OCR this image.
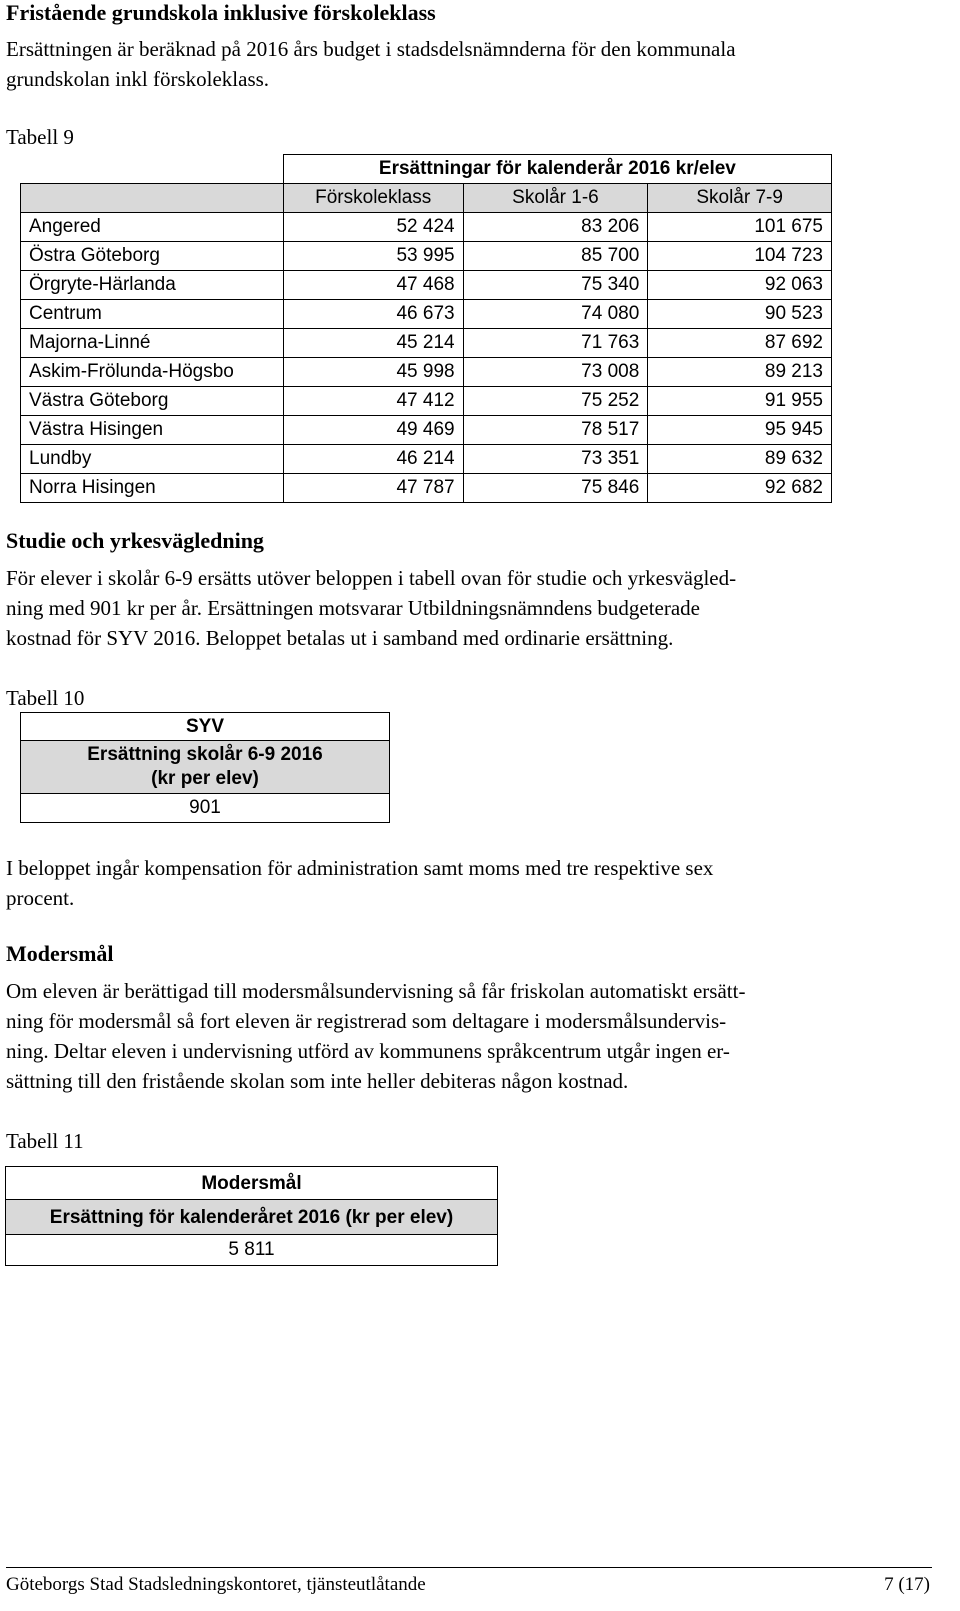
Fristående grundskola inklusive förskoleklass

Ersättningen är beräknad på 2016 års budget i stadsdelsnämnderna för den kommunala

grundskolan inkl förskoleklass.

Tabell 9
	Ersättningar för kalenderår 2016 kr/elev		
	Förskoleklass	Skolår 1-6	Skolår 7-9
Angered	52 424	83 206	101 675
Östra Göteborg	53 995	85 700	104 723
Örgryte-Härlanda	47 468	75 340	92 063
Centrum	46 673	74 080	90 523
Majorna-Linné	45 214	71 763	87 692
Askim-Frölunda-Högsbo	45 998	73 008	89 213
Västra Göteborg	47 412	75 252	91 955
Västra Hisingen	49 469	78 517	95 945
Lundby	46 214	73 351	89 632
Norra Hisingen	47 787	75 846	92 682
Studie och yrkesvägledning

För elever i skolår 6-9 ersätts utöver beloppen i tabell ovan för studie och yrkesvägled-

ning med 901 kr per år. Ersättningen motsvarar Utbildningsnämndens budgeterade

kostnad för SYV 2016. Beloppet betalas ut i samband med ordinarie ersättning.

Tabell 10
SYV
Ersättning skolår 6-9 2016
(kr per elev)
901

I beloppet ingår kompensation för administration samt moms med tre respektive sex

procent.

Modersmål

Om eleven är berättigad till modersmålsundervisning så får friskolan automatiskt ersätt-

ning för modersmål så fort eleven är registrerad som deltagare i modersmålsundervis-

ning. Deltar eleven i undervisning utförd av kommunens språkcentrum utgår ingen er-

sättning till den fristående skolan som inte heller debiteras någon kostnad.

Tabell 11
Modersmål
Ersättning för kalenderåret 2016 (kr per elev)
5 811
Göteborgs Stad Stadsledningskontoret, tjänsteutlåtande	7 (17)
